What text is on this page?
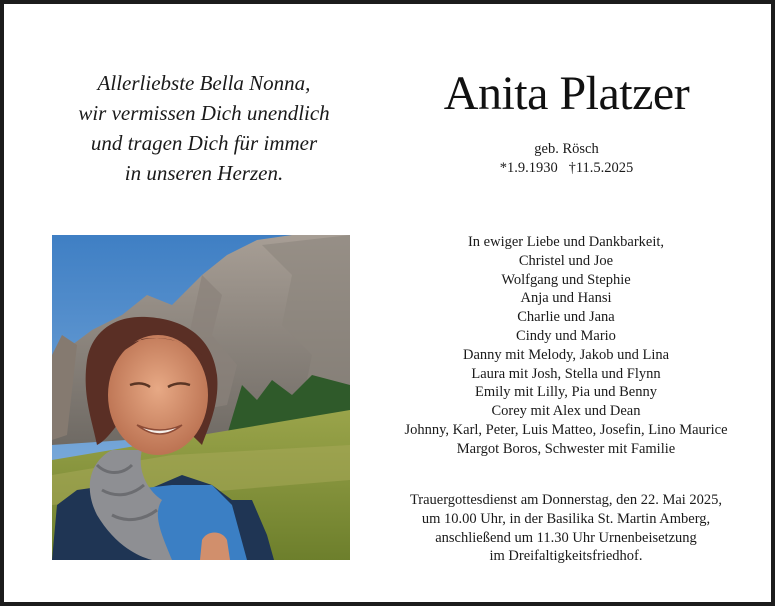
Allerliebste Bella Nonna,
wir vermissen Dich unendlich
und tragen Dich für immer
in unseren Herzen.
Anita Platzer
geb. Rösch
*1.9.1930   †11.5.2025
In ewiger Liebe und Dankbarkeit,
Christel und Joe
Wolfgang und Stephie
Anja und Hansi
Charlie und Jana
Cindy und Mario
Danny mit Melody, Jakob und Lina
Laura mit Josh, Stella und Flynn
Emily mit Lilly, Pia und Benny
Corey mit Alex und Dean
Johnny, Karl, Peter, Luis Matteo, Josefin, Lino Maurice
Margot Boros, Schwester mit Familie
Trauergottesdienst am Donnerstag, den 22. Mai 2025,
um 10.00 Uhr, in der Basilika St. Martin Amberg,
anschließend um 11.30 Uhr Urnenbeisetzung
im Dreifaltigkeitsfriedhof.
